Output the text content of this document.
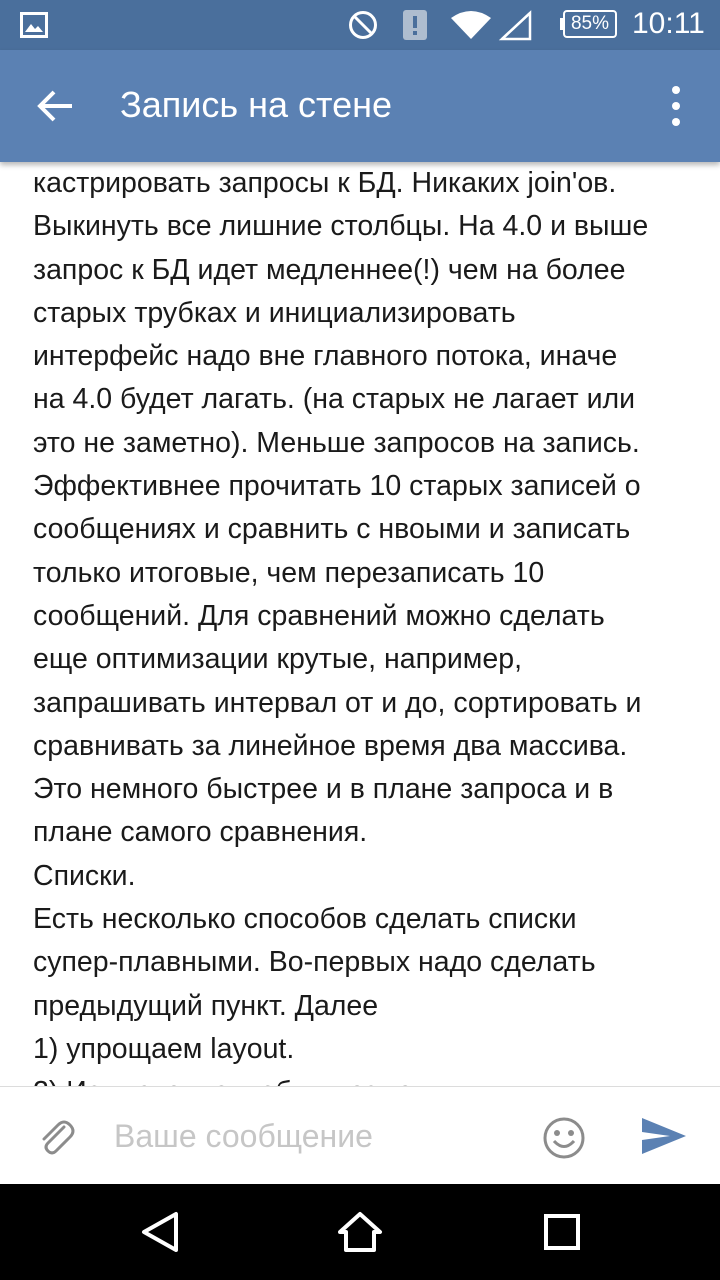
85% 10:11
Запись на стене
кастрировать запросы к БД. Никаких join'ов.
Выкинуть все лишние столбцы. На 4.0 и выше
запрос к БД идет медленнее(!) чем на более
старых трубках и инициализировать
интерфейс надо вне главного потока, иначе
на 4.0 будет лагать. (на старых не лагает или
это не заметно). Меньше запросов на запись.
Эффективнее прочитать 10 старых записей о
сообщениях и сравнить с нвоыми и записать
только итоговые, чем перезаписать 10
сообщений. Для сравнений можно сделать
еще оптимизации крутые, например,
запрашивать интервал от и до, сортировать и
сравнивать за линейное время два массива.
Это немного быстрее и в плане запроса и в
плане самого сравнения.
Списки.
Есть несколько способов сделать списки
супер-плавными. Во-первых надо сделать
предыдущий пункт. Далее
1) упрощаем layout.
Ваше сообщение
